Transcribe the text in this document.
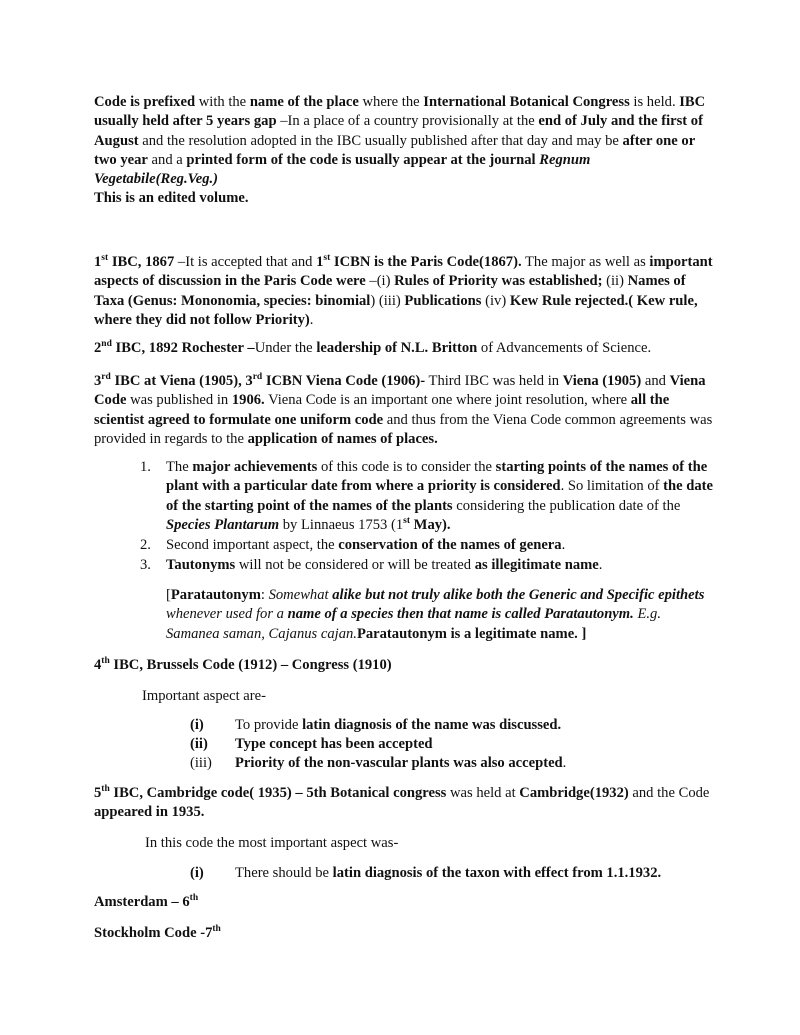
Code is prefixed with the name of the place where the International Botanical Congress is held. IBC usually held after 5 years gap –In a place of a country provisionally at the end of July and the first of August and the resolution adopted in the IBC usually published after that day and may be after one or two year and a printed form of the code is usually appear at the journal Regnum Vegetabile(Reg.Veg.)
This is an edited volume.

1st IBC, 1867 –It is accepted that and 1st ICBN is the Paris Code(1867). The major as well as important aspects of discussion in the Paris Code were –(i) Rules of Priority was established; (ii) Names of Taxa (Genus: Mononomia, species: binomial) (iii) Publications (iv) Kew Rule rejected.( Kew rule, where they did not follow Priority).

2nd IBC, 1892 Rochester –Under the leadership of N.L. Britton of Advancements of Science.

3rd IBC at Viena (1905), 3rd ICBN Viena Code (1906)- Third IBC was held in Viena (1905) and Viena Code was published in 1906. Viena Code is an important one where joint resolution, where all the scientist agreed to formulate one uniform code and thus from the Viena Code common agreements was provided in regards to the application of names of places.

1. The major achievements of this code is to consider the starting points of the names of the plant with a particular date from where a priority is considered. So limitation of the date of the starting point of the names of the plants considering the publication date of the Species Plantarum by Linnaeus 1753 (1st May).
2. Second important aspect, the conservation of the names of genera.
3. Tautonyms will not be considered or will be treated as illegitimate name.

[Parataut​onym: Somewhat alike but not truly alike both the Generic and Specific epithets whenever used for a name of a species then that name is called Parataut​onym. E.g. Samanea saman, Cajanus cajan.Parataut​onym is a legitimate name. ]

4th IBC, Brussels Code (1912) – Congress (1910)

Important aspect are-

(i)	To provide latin diagnosis of the name was discussed.
(ii)	Type concept has been accepted
(iii)	Priority of the non-vascular plants was also accepted.

5th IBC, Cambridge code( 1935) – 5th Botanical congress was held at Cambridge(1932) and the Code appeared in 1935.

In this code the most important aspect was-

(i)	There should be latin diagnosis of the taxon with effect from 1.1.1932.

Amsterdam – 6th

Stockholm Code -7th
